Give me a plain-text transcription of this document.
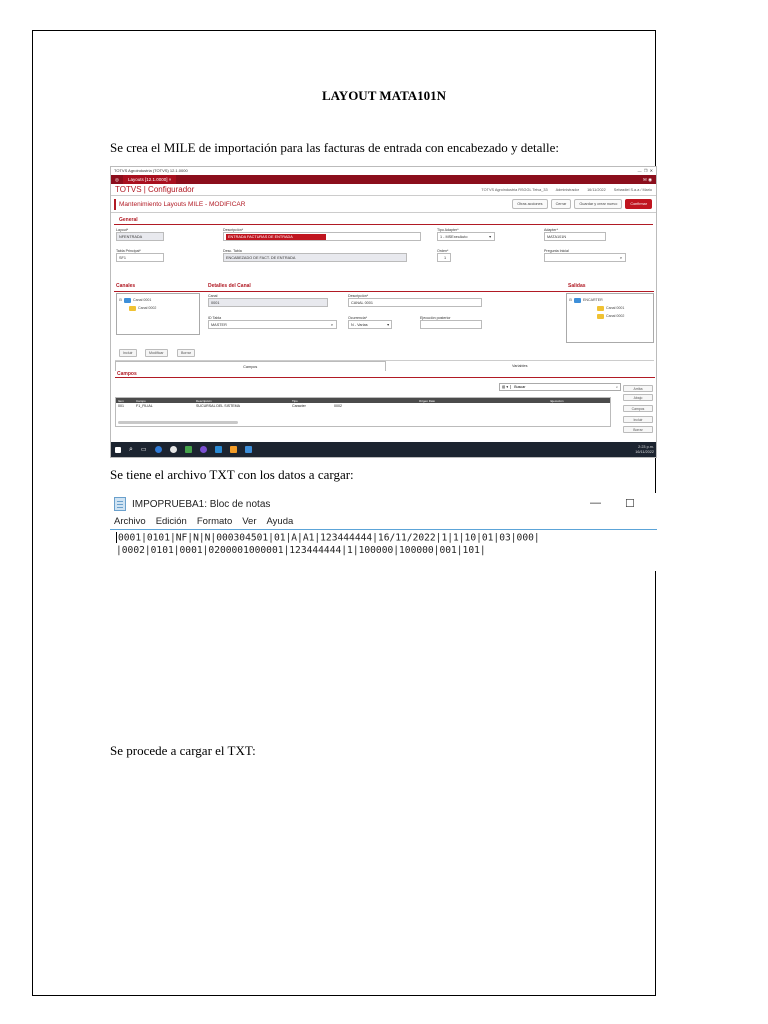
LAYOUT MATA101N
Se crea el MILE de importación para las facturas de entrada con encabezado y detalle:
TOTVS Agroindustria (TOTVS) 12.1.0000	—  ❐  ✕
◎	Layouts [12.1.0000] ×	✉ ◉
TOTVS | Configurador	TOTVS Agroindustria RSGGL Teiva_33 Administrador 16/11/2022 Sebastiel S.a.a / Mario
Mantenimiento Layouts MILE - MODIFICAR	Otras acciones	Cerrar	Guardar y crear nuevo	Confirmar
General
Layout*
NFENTRADA
Descripción*
ENTRADA FACTURAS DE ENTRADA
Tipo Adapter*
1 - MSExecAuto	▾
Adapter*
MATA101N
Tabla Principal*
SF1
Desc. Tabla
ENCABEZADO DE FACT. DE ENTRADA
Orden*
1
Pregunta Inicial
⌕
Canales	Detalles del Canal	Salidas
⊟	Canal 0001
Canal 0002
Canal
0001
Descripción*
CANAL 0001
ID Tabla
MASTER	⌕
Ocurrencia*
N - Varias	▾
Ejecución posterior
⊟	ENCARTER
Canal 0001
Canal 0002
Incluir	Modificar	Borrar
Campos	Variables
Campos
▥ ▾	Buscar	⌕
Item	Campo	Descripción	Tipo	Origen Dato	Ejecución
001	F1_FILIAL	SUCURSAL DEL SISTEMA	Caracter	0002
Arriba
Abajo
Campos
Incluir
Borrar
⌕ ▭	2:23 p.m.
16/11/2022
Se tiene el archivo TXT con los datos a cargar:
IMPOPRUEBA1: Bloc de notas	— ☐
Archivo Edición Formato Ver Ayuda
0001|0101|NF|N|N|000304501|01|A|A1|123444444|16/11/2022|1|1|10|01|03|000|
|0002|0101|0001|0200001000001|123444444|1|100000|100000|001|101|
Se procede a cargar el TXT:
